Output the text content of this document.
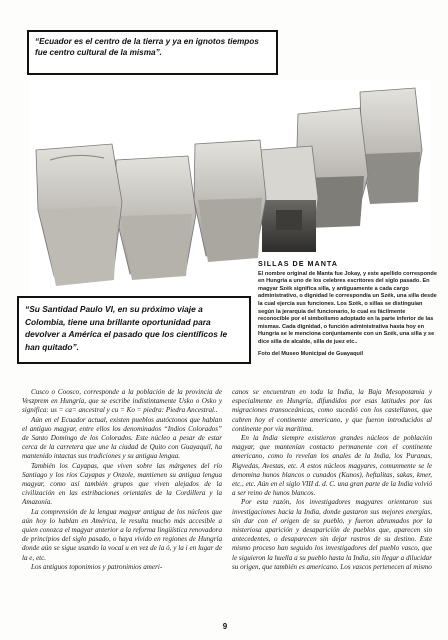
“Ecuador es el centro de la tierra y ya en ignotos tiempos fue centro cultural de la misma”.
SILLAS DE MANTA
El nombre original de Manta fue Jokay, y este apellido corresponde en Hungría a uno de los celebres escritores del siglo pasado. En magyar Szék significa silla, y antiguamente a cada cargo administrativo, o dignidad le correspondía un Szék, una silla desde la cual ejercía sus funciones. Los Szék, o sillas se distinguían según la jerarquía del funcionario, lo cual es fácilmente reconocible por el simbolismo adoptado en la parte inferior de las mismas. Cada dignidad, o función administrativa hasta hoy en Hungría se le menciona conjuntamente con un Szék, una silla y se dice silla de alcalde, silla de juez etc..
Foto del Museo Municipal de Guayaquil
“Su Santidad Paulo VI, en su próximo viaje a Colombia, tiene una brillante oportunidad para devolver a América el pasado que los científicos le han quitado”.

Cusco o Coosco, corresponde a la población de la provincia de Veszprem en Hungría, que se escribe indistintamente Usko o Osko y significa: us = ca= ancestral y cu = Ko = piedra: Piedra Ancestral..

Aún en el Ecuador actual, existen pueblos autóctonos que hablan el antiguo magyar, entre ellos los denominados “Indios Colorados” de Santo Domingo de los Colorados. Este núcleo a pesar de estar cerca de la carretera que une la ciudad de Quito con Guayaquil, ha mantenido intactas sus tradiciones y su antigua lengua.

También los Cayapas, que viven sobre las márgenes del río Santiago y los ríos Cayapas y Onzole, mantienen su antigua lengua magyar, como así también grupos que viven alejados de la civilización en las estribaciones orientales de la Cordillera y la Amazonía.

La comprensión de la lengua magyar antigua de los núcleos que aún hoy lo hablan en América, le resulta mucho más accesible a quien conozca el magyar anterior a la reforma lingüística renovadora de principios del siglo pasado, o haya vivido en regiones de Hungría donde aún se sigue usando la vocal u en vez de la ó, y la i en lugar de la e, etc.

Los antiguos toponimios y patronimios ameri-

canos se encuentran en toda la India, la Baja Mesopotamia y especialmente en Hungría, difundidos por esas latitudes por las migraciones transoceánicas, como sucedió con los castellanos, que cubren hoy el continente americano, y que fueron introducidos al continente por vía marítima.

En la India siempre existieron grandes núcleos de población magyar, que mantenían contacto permanente con el continente americano, como lo revelan los anales de la India, los Puranas, Rigvedas, Avestas, etc. A estos núcleos magyares, comunmente se le denomina hunos blancos o cunados (Kunos), heftalitas, sakas, kmer, etc., etc. Aún en el siglo VIII d. d. C. una gran parte de la India volvió a ser reino de hunos blancos.

Por esta razón, los investigadores magyares orientaron sus investigaciones hacia la India, donde gastaron sus mejores energías, sin dar con el origen de su pueblo, y fueron abrumados por la misteriosa aparición y desaparición de pueblos que, aparecen sin antecedentes, o desaparecen sin dejar rastros de su destino. Este mismo proceso han seguido los investigadores del pueblo vasco, que le siguieron la huella a su pueblo hasta la India, sin llegar a dilucidar su origen, que también es americano. Los vascos pertenecen al mismo

9
